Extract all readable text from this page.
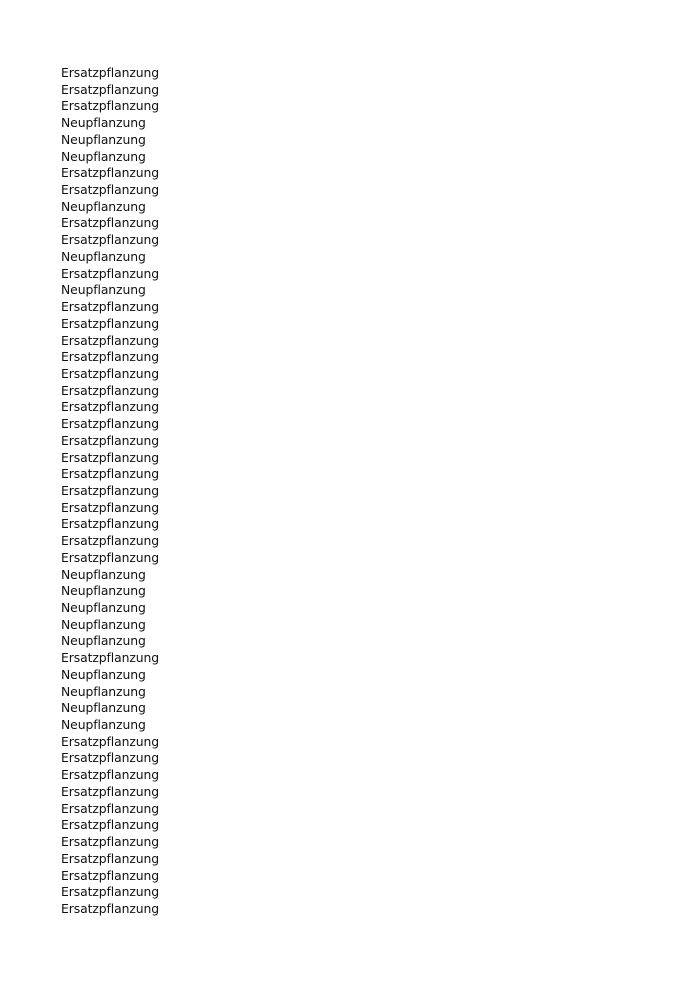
Ersatzpflanzung
Ersatzpflanzung
Ersatzpflanzung
Neupflanzung
Neupflanzung
Neupflanzung
Ersatzpflanzung
Ersatzpflanzung
Neupflanzung
Ersatzpflanzung
Ersatzpflanzung
Neupflanzung
Ersatzpflanzung
Neupflanzung
Ersatzpflanzung
Ersatzpflanzung
Ersatzpflanzung
Ersatzpflanzung
Ersatzpflanzung
Ersatzpflanzung
Ersatzpflanzung
Ersatzpflanzung
Ersatzpflanzung
Ersatzpflanzung
Ersatzpflanzung
Ersatzpflanzung
Ersatzpflanzung
Ersatzpflanzung
Ersatzpflanzung
Ersatzpflanzung
Neupflanzung
Neupflanzung
Neupflanzung
Neupflanzung
Neupflanzung
Ersatzpflanzung
Neupflanzung
Neupflanzung
Neupflanzung
Neupflanzung
Ersatzpflanzung
Ersatzpflanzung
Ersatzpflanzung
Ersatzpflanzung
Ersatzpflanzung
Ersatzpflanzung
Ersatzpflanzung
Ersatzpflanzung
Ersatzpflanzung
Ersatzpflanzung
Ersatzpflanzung
